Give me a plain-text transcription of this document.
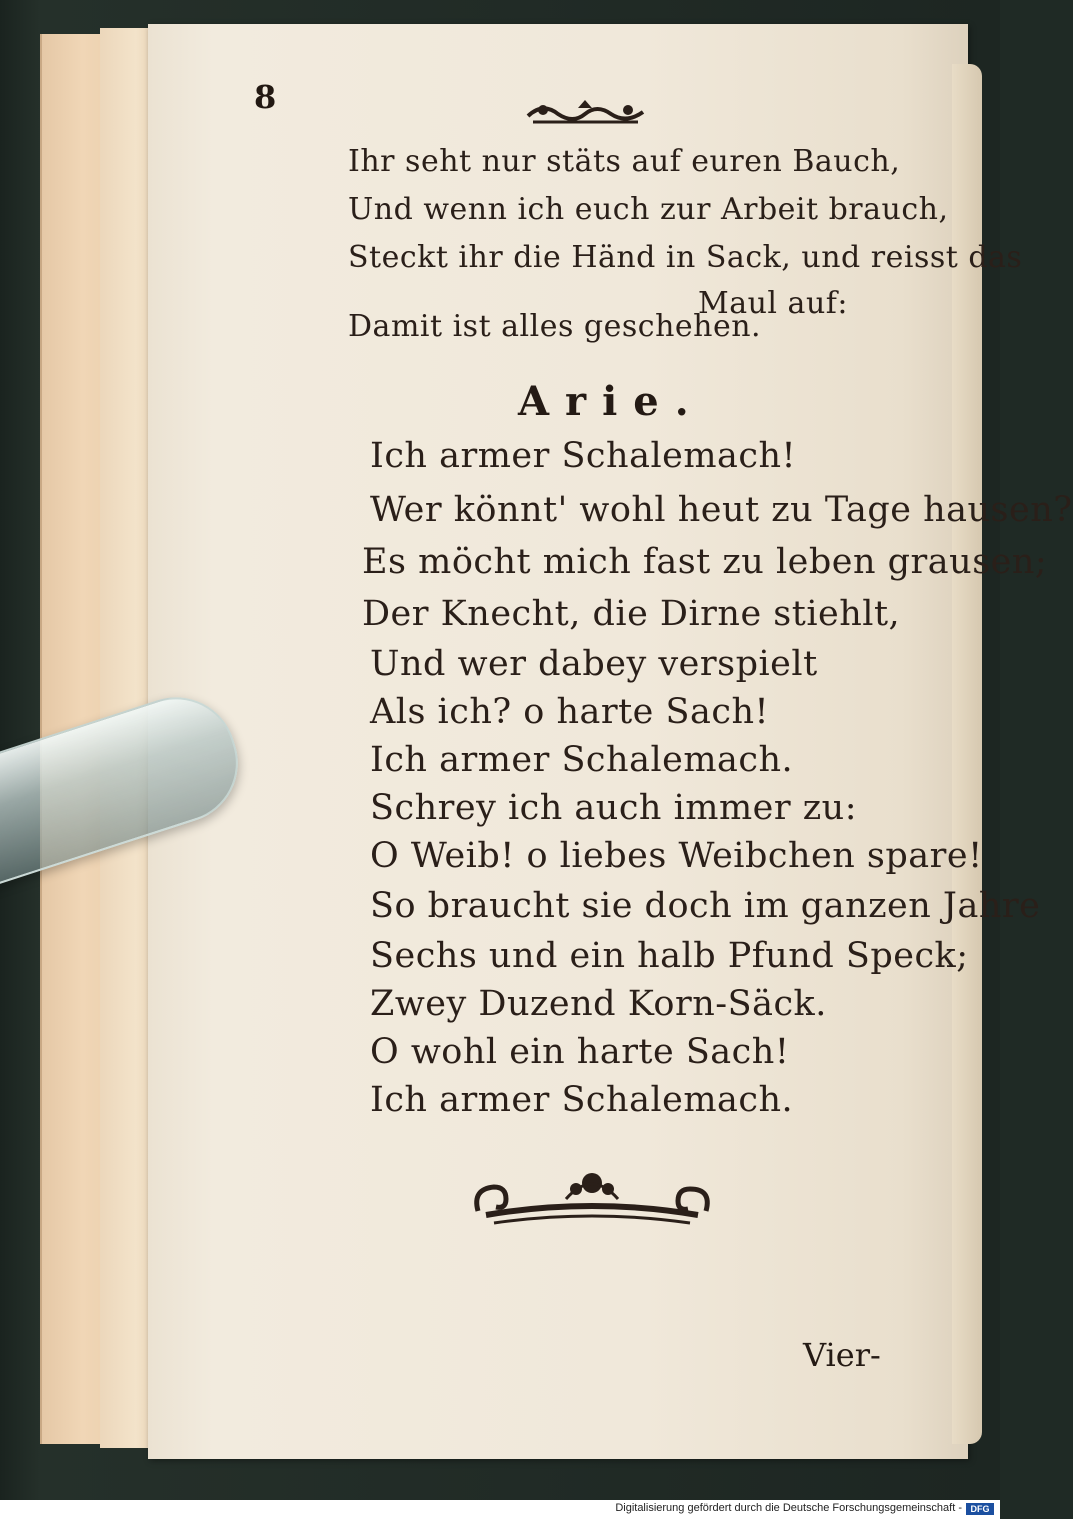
8
Ihr seht nur stäts auf euren Bauch,
Und wenn ich euch zur Arbeit brauch,
Steckt ihr die Händ in Sack, und reisst das
Maul auf:
Damit ist alles geschehen.
Arie.
Ich armer Schalemach!
Wer könnt' wohl heut zu Tage hausen?
Es möcht mich fast zu leben grausen;
Der Knecht, die Dirne stiehlt,
Und wer dabey verspielt
Als ich? o harte Sach!
Ich armer Schalemach.
Schrey ich auch immer zu:
O Weib! o liebes Weibchen spare!
So braucht sie doch im ganzen Jahre
Sechs und ein halb Pfund Speck;
Zwey Duzend Korn-Säck.
O wohl ein harte Sach!
Ich armer Schalemach.
Vier-
Digitalisierung gefördert durch die Deutsche Forschungsgemeinschaft - DFG
